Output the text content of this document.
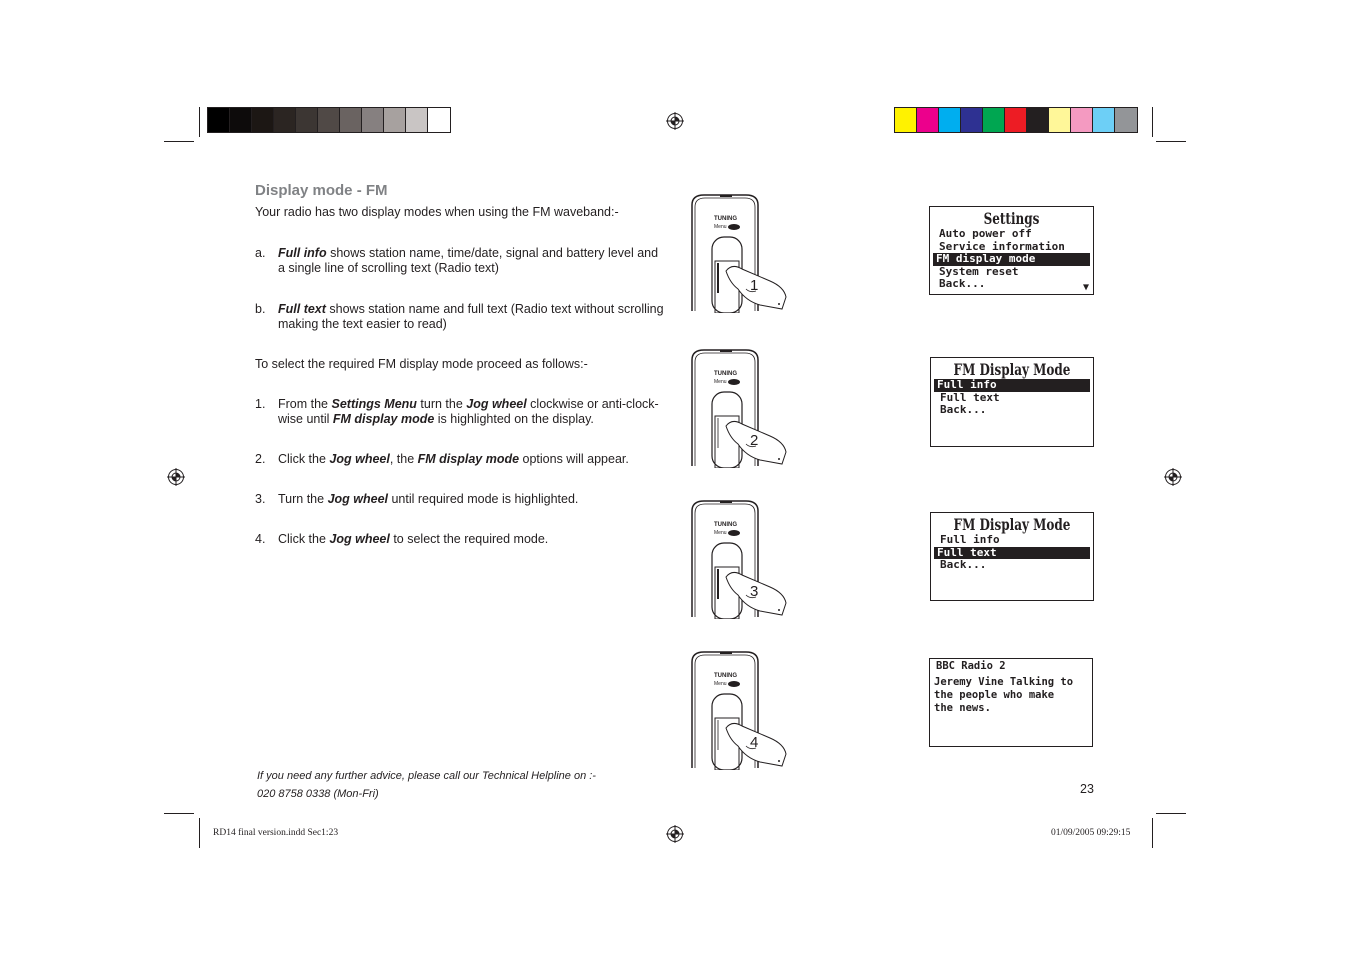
Display mode - FM
Your radio has two display modes when using the FM waveband:-
a. Full info shows station name, time/date, signal and battery level and
a single line of scrolling text (Radio text)
b. Full text shows station name and full text (Radio text without scrolling
making the text easier to read)
To select the required FM display mode proceed as follows:-
1. From the Settings Menu turn the Jog wheel clockwise or anti-clock-
wise until FM display mode is highlighted on the display.
2. Click the Jog wheel, the FM display mode options will appear.
3. Turn the Jog wheel until required mode is highlighted.
4. Click the Jog wheel to select the required mode.
TUNING
Menu
1
TUNING
Menu
2
TUNING
Menu
3
TUNING
Menu
4
Settings
Auto power off
Service information
FM display mode
System reset
Back...	▼
FM Display Mode
Full info
Full text
Back...
FM Display Mode
Full info
Full text
Back...
BBC Radio 2
Jeremy Vine Talking to
the people who make
the news.
If you need any further advice, please call our Technical Helpline on :-
020 8758 0338 (Mon-Fri)	23
RD14 final version.indd Sec1:23	01/09/2005 09:29:15
